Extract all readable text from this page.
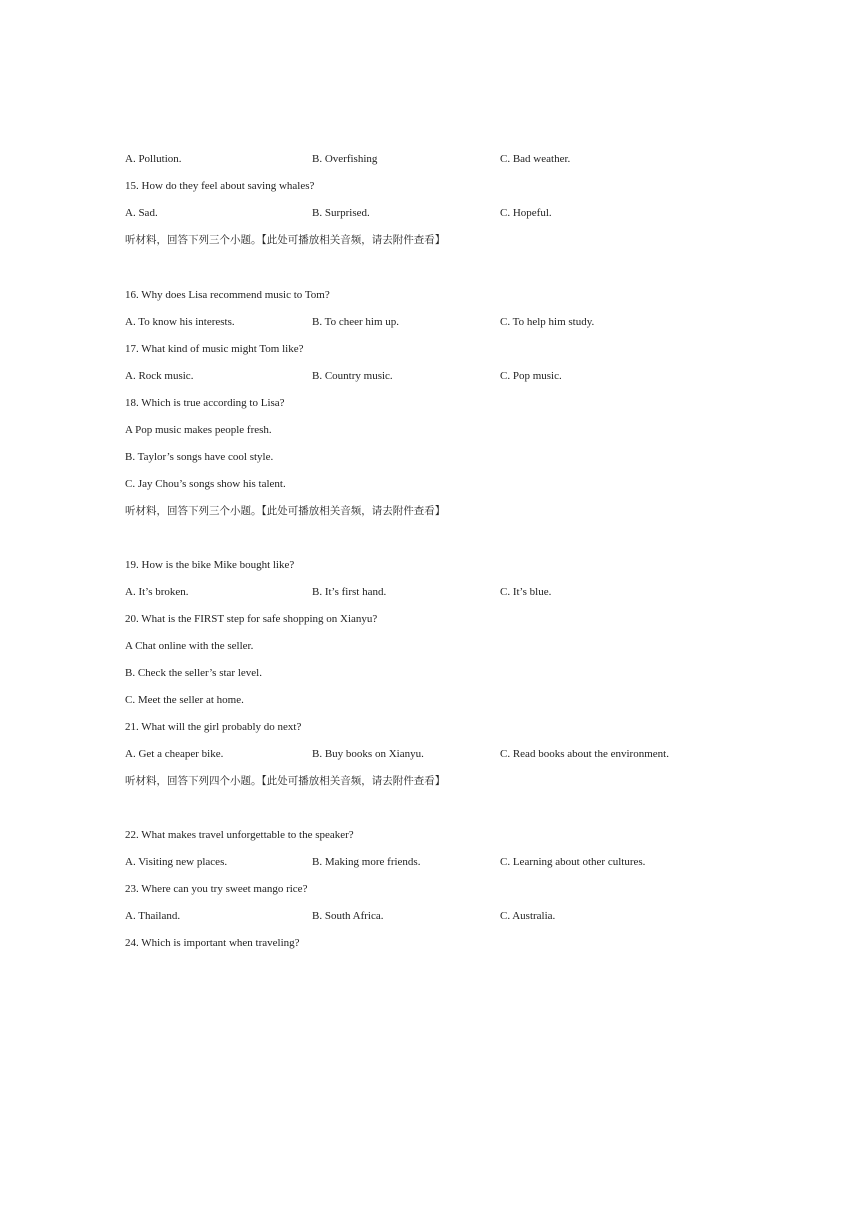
A. Pollution.	B. Overfishing	C. Bad weather.
15. How do they feel about saving whales?
A. Sad.	B. Surprised.	C. Hopeful.
听材料，回答下列三个小题。【此处可播放相关音频，请去附件查看】
16. Why does Lisa recommend music to Tom?
A. To know his interests.	B. To cheer him up.	C. To help him study.
17. What kind of music might Tom like?
A. Rock music.	B. Country music.	C. Pop music.
18. Which is true according to Lisa?
A Pop music makes people fresh.
B. Taylor’s songs have cool style.
C. Jay Chou’s songs show his talent.
听材料，回答下列三个小题。【此处可播放相关音频，请去附件查看】
19. How is the bike Mike bought like?
A. It’s broken.	B. It’s first hand.	C. It’s blue.
20. What is the FIRST step for safe shopping on Xianyu?
A Chat online with the seller.
B. Check the seller’s star level.
C. Meet the seller at home.
21. What will the girl probably do next?
A. Get a cheaper bike.	B. Buy books on Xianyu.	C. Read books about the environment.
听材料，回答下列四个小题。【此处可播放相关音频，请去附件查看】
22. What makes travel unforgettable to the speaker?
A. Visiting new places.	B. Making more friends.	C. Learning about other cultures.
23. Where can you try sweet mango rice?
A. Thailand.	B. South Africa.	C. Australia.
24. Which is important when traveling?
